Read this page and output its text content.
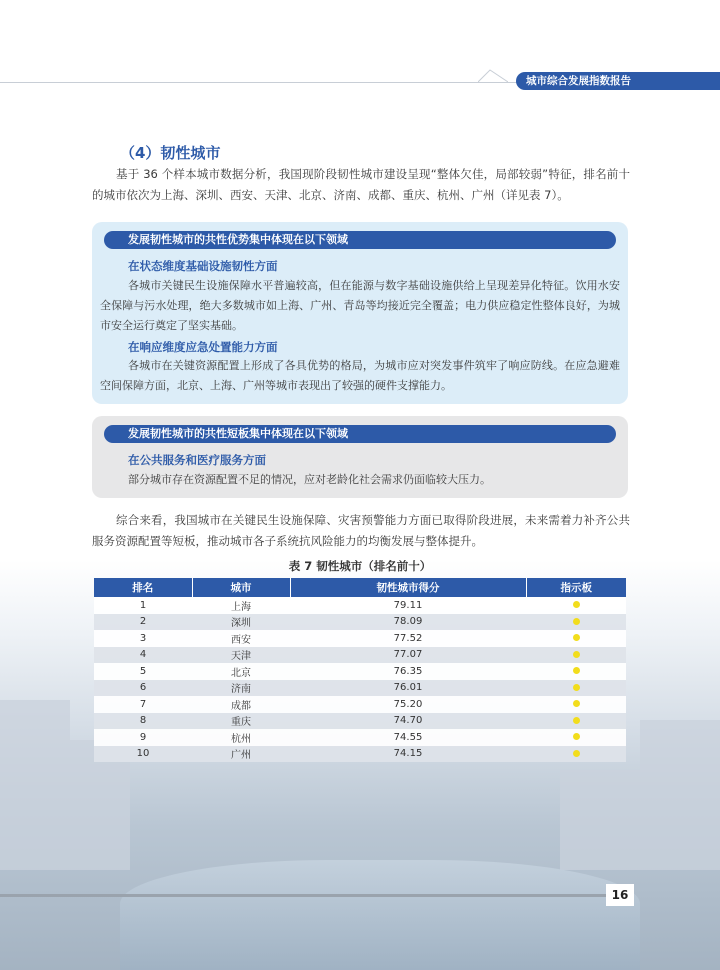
城市综合发展指数报告
（4）韧性城市
基于 36 个样本城市数据分析，我国现阶段韧性城市建设呈现“整体欠佳，局部较弱”特征，排名前十的城市依次为上海、深圳、西安、天津、北京、济南、成都、重庆、杭州、广州（详见表 7）。
发展韧性城市的共性优势集中体现在以下领域
在状态维度基础设施韧性方面
各城市关键民生设施保障水平普遍较高，但在能源与数字基础设施供给上呈现差异化特征。饮用水安全保障与污水处理，绝大多数城市如上海、广州、青岛等均接近完全覆盖；电力供应稳定性整体良好，为城市安全运行奠定了坚实基础。
在响应维度应急处置能力方面
各城市在关键资源配置上形成了各具优势的格局，为城市应对突发事件筑牢了响应防线。在应急避难空间保障方面，北京、上海、广州等城市表现出了较强的硬件支撑能力。
发展韧性城市的共性短板集中体现在以下领域
在公共服务和医疗服务方面
部分城市存在资源配置不足的情况，应对老龄化社会需求仍面临较大压力。
综合来看，我国城市在关键民生设施保障、灾害预警能力方面已取得阶段进展，未来需着力补齐公共服务资源配置等短板，推动城市各子系统抗风险能力的均衡发展与整体提升。
表 7 韧性城市（排名前十）
排名	城市	韧性城市得分	指示板
1	上海	79.11	
2	深圳	78.09	
3	西安	77.52	
4	天津	77.07	
5	北京	76.35	
6	济南	76.01	
7	成都	75.20	
8	重庆	74.70	
9	杭州	74.55	
10	广州	74.15	
16
